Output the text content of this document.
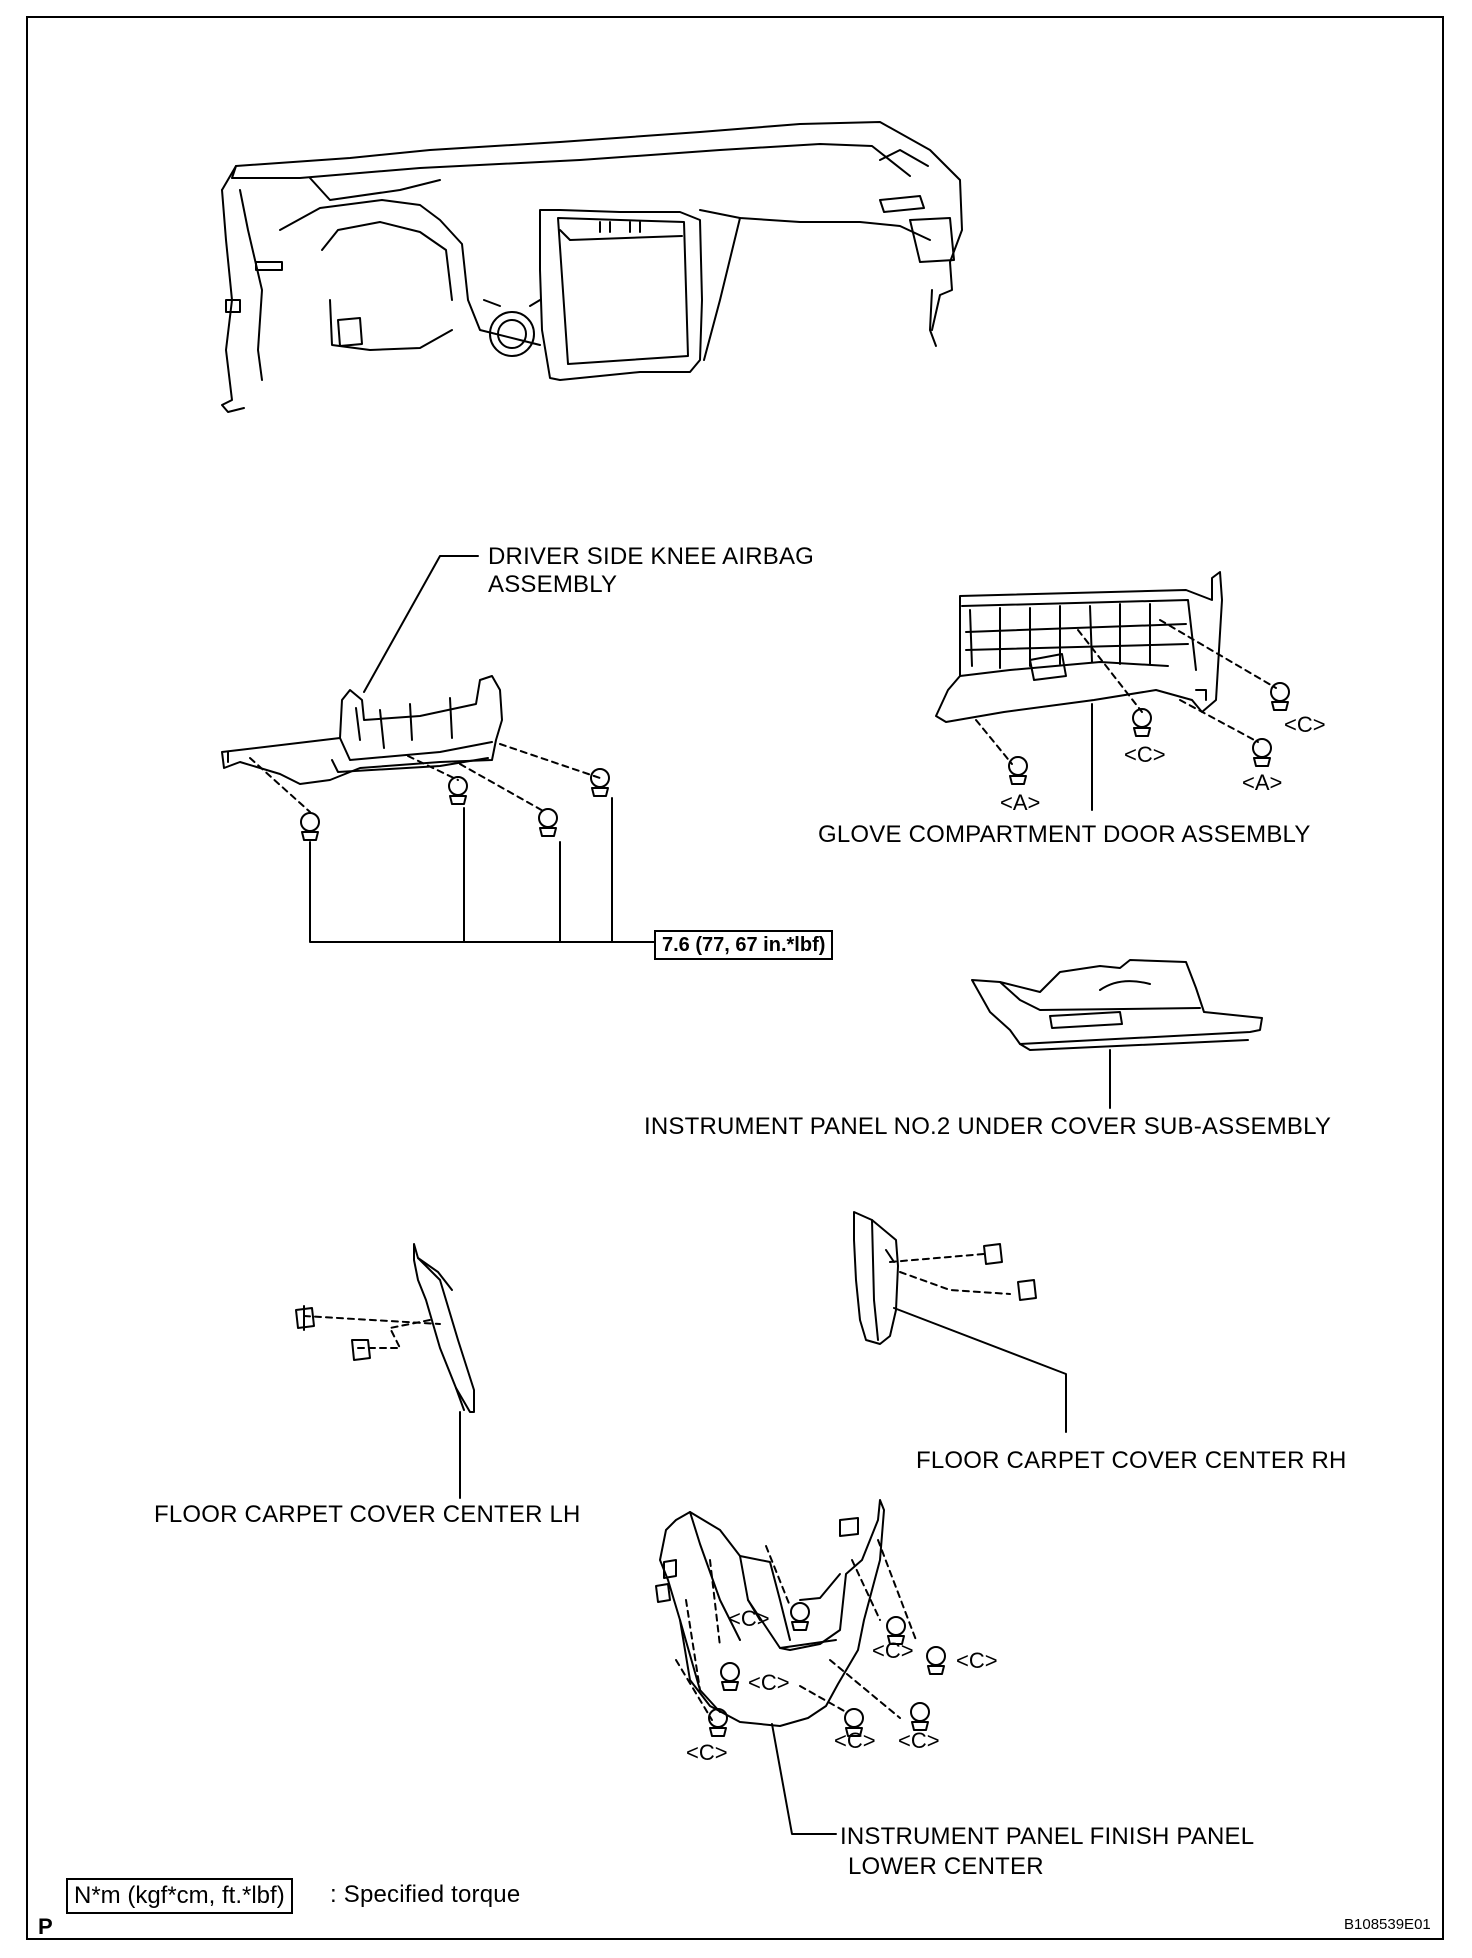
DRIVER SIDE KNEE AIRBAG
ASSEMBLY
GLOVE COMPARTMENT DOOR ASSEMBLY
INSTRUMENT PANEL NO.2 UNDER COVER SUB-ASSEMBLY
FLOOR CARPET COVER CENTER LH
FLOOR CARPET COVER CENTER RH
INSTRUMENT PANEL FINISH PANEL
LOWER CENTER
7.6 (77, 67 in.*lbf)
<A>
<C>
<A>
<C>
<C>
<C>
<C>
<C> <C>
<C> <C>
N*m (kgf*cm, ft.*lbf)	: Specified torque
P	B108539E01
